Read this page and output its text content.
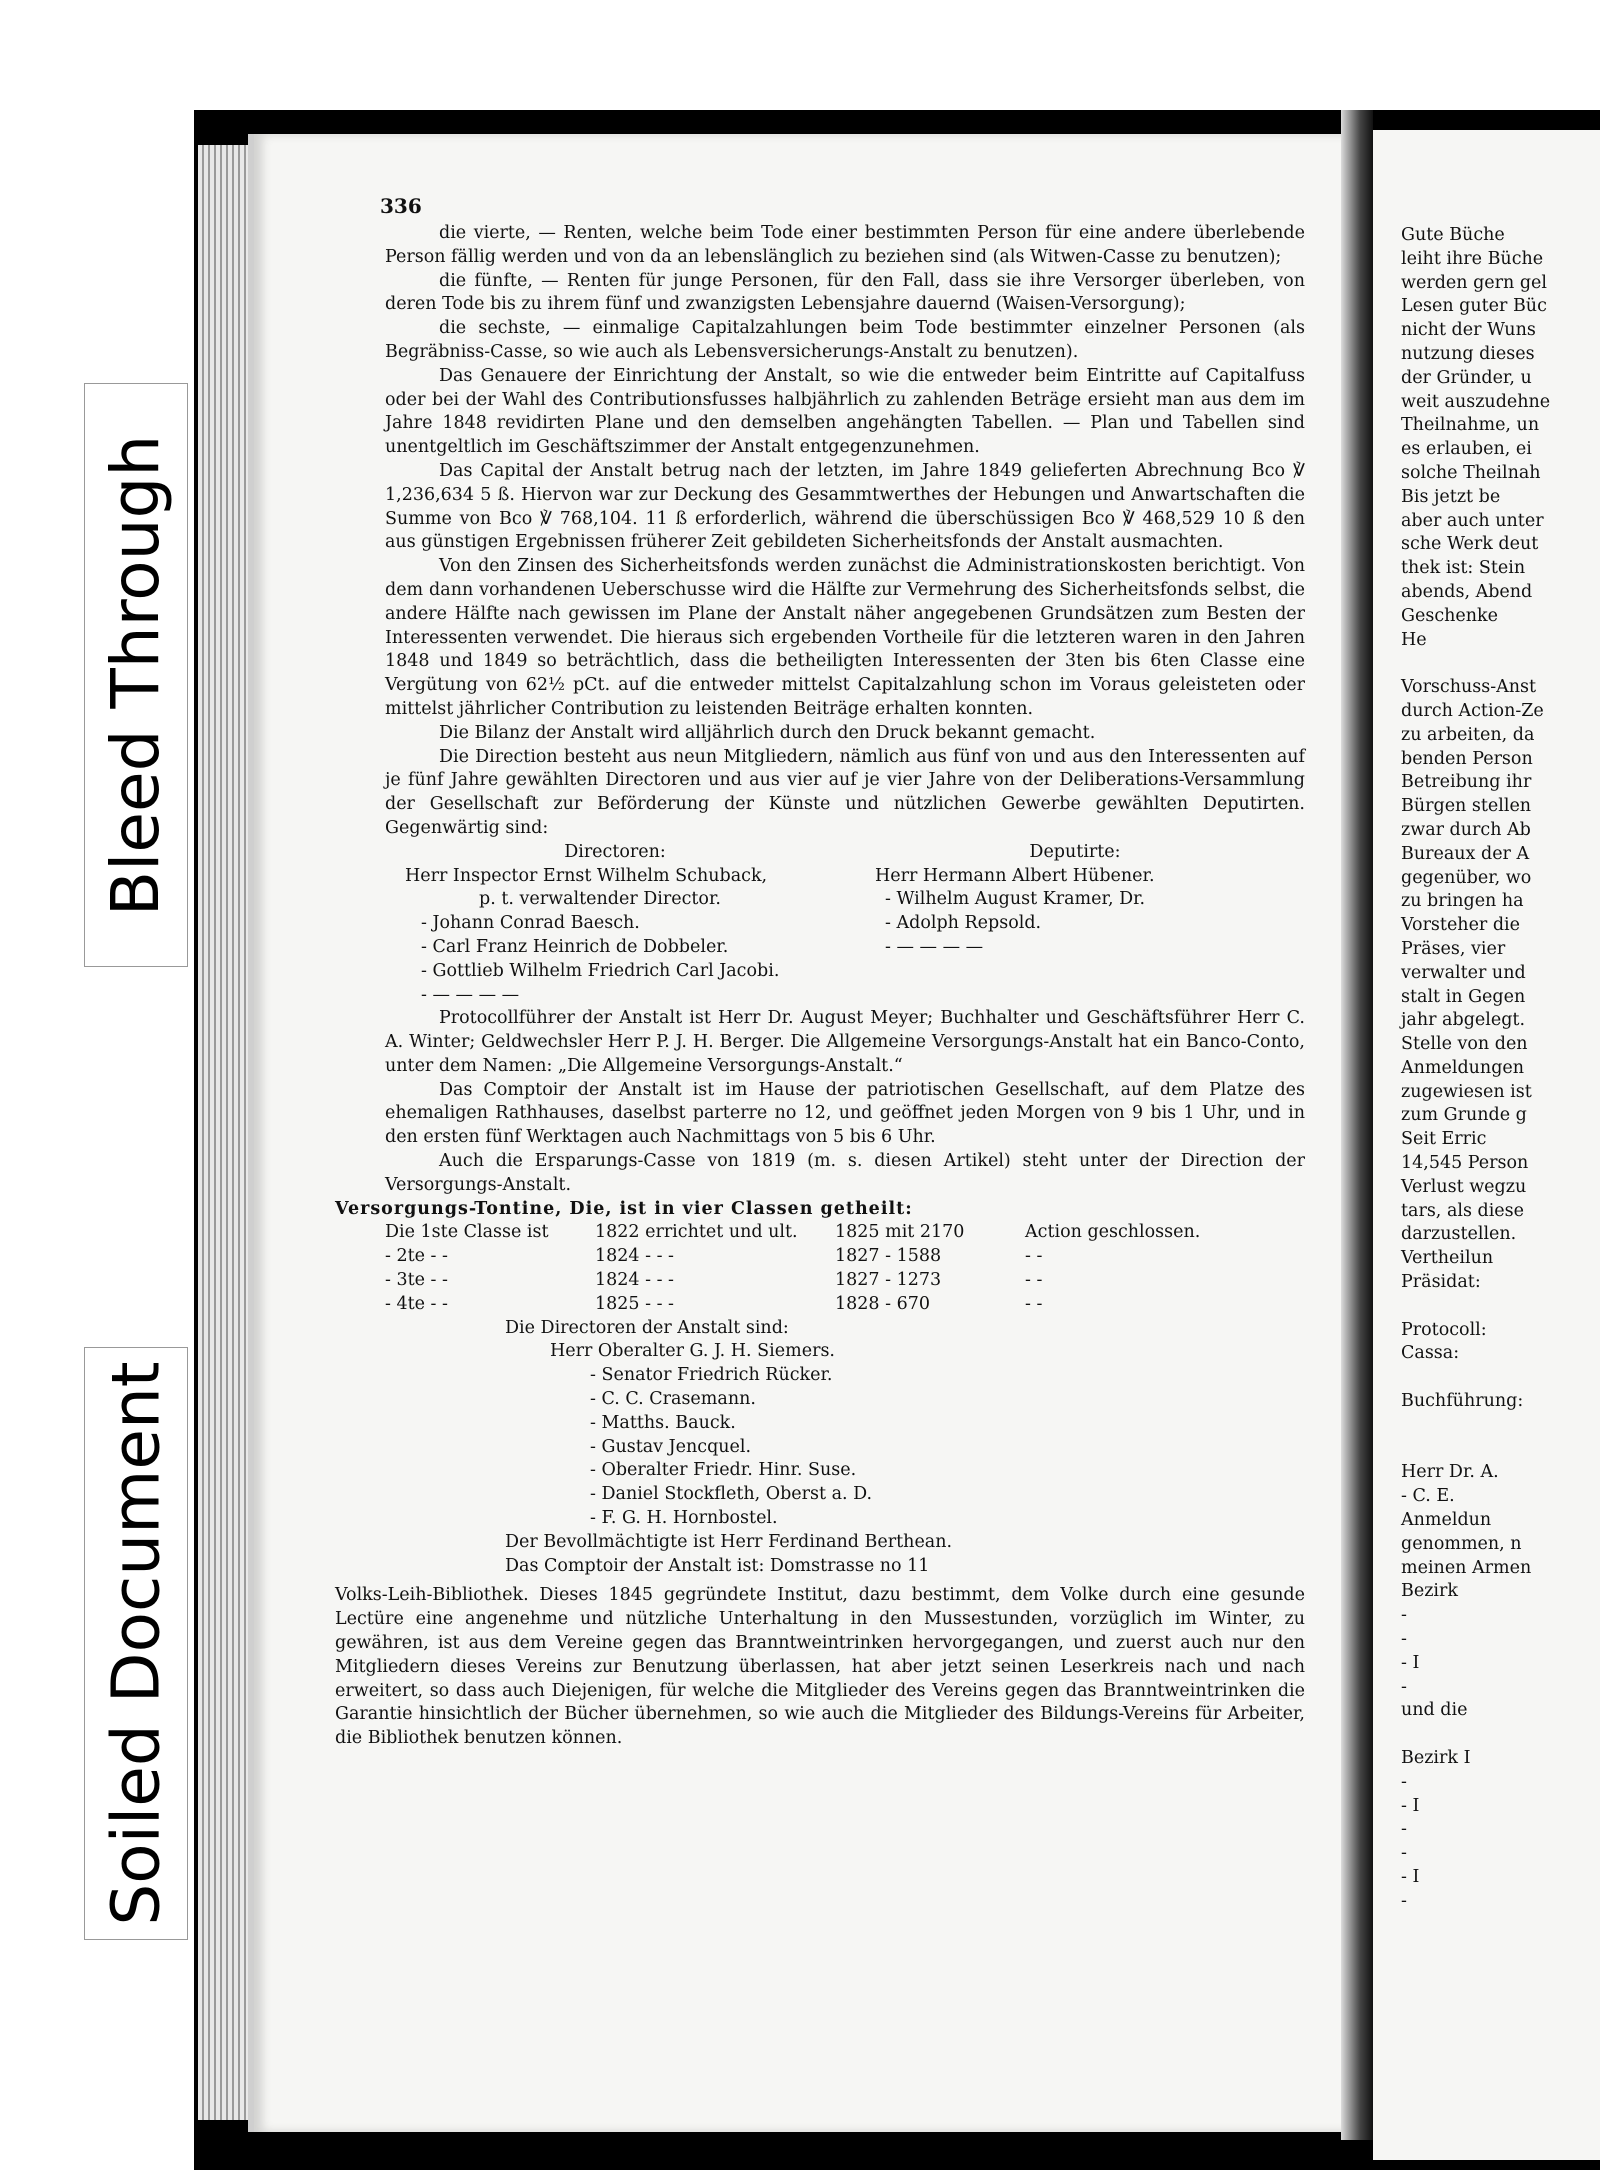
Bleed Through
Soiled Document
336

die vierte, — Renten, welche beim Tode einer bestimmten Person für eine andere überlebende Person fällig werden und von da an lebenslänglich zu beziehen sind (als Witwen-Casse zu benutzen);

die fünfte, — Renten für junge Personen, für den Fall, dass sie ihre Versorger überleben, von deren Tode bis zu ihrem fünf und zwanzigsten Lebensjahre dauernd (Waisen-Versorgung);

die sechste, — einmalige Capitalzahlungen beim Tode bestimmter einzelner Personen (als Begräbniss-Casse, so wie auch als Lebensversicherungs-Anstalt zu benutzen).

Das Genauere der Einrichtung der Anstalt, so wie die entweder beim Eintritte auf Capitalfuss oder bei der Wahl des Contributionsfusses halbjährlich zu zahlenden Beträge ersieht man aus dem im Jahre 1848 revidirten Plane und den demselben angehängten Tabellen. — Plan und Tabellen sind unentgeltlich im Geschäftszimmer der Anstalt entgegenzunehmen.

Das Capital der Anstalt betrug nach der letzten, im Jahre 1849 gelieferten Abrechnung Bco ℣ 1,236,634 5 ß. Hiervon war zur Deckung des Gesammtwerthes der Hebungen und Anwartschaften die Summe von Bco ℣ 768,104. 11 ß erforderlich, während die überschüssigen Bco ℣ 468,529 10 ß den aus günstigen Ergebnissen früherer Zeit gebildeten Sicherheitsfonds der Anstalt ausmachten.

Von den Zinsen des Sicherheitsfonds werden zunächst die Administrationskosten berichtigt. Von dem dann vorhandenen Ueberschusse wird die Hälfte zur Vermehrung des Sicherheitsfonds selbst, die andere Hälfte nach gewissen im Plane der Anstalt näher angegebenen Grundsätzen zum Besten der Interessenten verwendet. Die hieraus sich ergebenden Vortheile für die letzteren waren in den Jahren 1848 und 1849 so beträchtlich, dass die betheiligten Interessenten der 3ten bis 6ten Classe eine Vergütung von 62½ pCt. auf die entweder mittelst Capitalzahlung schon im Voraus geleisteten oder mittelst jährlicher Contribution zu leistenden Beiträge erhalten konnten.

Die Bilanz der Anstalt wird alljährlich durch den Druck bekannt gemacht.

Die Direction besteht aus neun Mitgliedern, nämlich aus fünf von und aus den Interessenten auf je fünf Jahre gewählten Directoren und aus vier auf je vier Jahre von der Deliberations-Versammlung der Gesellschaft zur Beförderung der Künste und nützlichen Gewerbe gewählten Deputirten. Gegenwärtig sind:

Directoren:	Deputirte:
Herr Inspector Ernst Wilhelm Schuback,	Herr Hermann Albert Hübener.
p. t. verwaltender Director.	- Wilhelm August Kramer, Dr.
- Johann Conrad Baesch.	- Adolph Repsold.
- Carl Franz Heinrich de Dobbeler.	- — — — —
- Gottlieb Wilhelm Friedrich Carl Jacobi.	
- — — — —	

Protocollführer der Anstalt ist Herr Dr. August Meyer; Buchhalter und Geschäftsführer Herr C. A. Winter; Geldwechsler Herr P. J. H. Berger. Die Allgemeine Versorgungs-Anstalt hat ein Banco-Conto, unter dem Namen: „Die Allgemeine Versorgungs-Anstalt.“

Das Comptoir der Anstalt ist im Hause der patriotischen Gesellschaft, auf dem Platze des ehemaligen Rathhauses, daselbst parterre no 12, und geöffnet jeden Morgen von 9 bis 1 Uhr, und in den ersten fünf Werktagen auch Nachmittags von 5 bis 6 Uhr.

Auch die Ersparungs-Casse von 1819 (m. s. diesen Artikel) steht unter der Direction der Versorgungs-Anstalt.

Versorgungs-Tontine, Die, ist in vier Classen getheilt:

Die 1ste Classe ist	1822 errichtet und ult.	1825 mit 2170	Action geschlossen.
- 2te - -	1824 - - -	1827 - 1588	- -
- 3te - -	1824 - - -	1827 - 1273	- -
- 4te - -	1825 - - -	1828 - 670	- -

Die Directoren der Anstalt sind:

Herr Oberalter G. J. H. Siemers.
- Senator Friedrich Rücker.
- C. C. Crasemann.
- Matths. Bauck.
- Gustav Jencquel.
- Oberalter Friedr. Hinr. Suse.
- Daniel Stockfleth, Oberst a. D.
- F. G. H. Hornbostel.

Der Bevollmächtigte ist Herr Ferdinand Berthean.

Das Comptoir der Anstalt ist: Domstrasse no 11

Volks-Leih-Bibliothek. Dieses 1845 gegründete Institut, dazu bestimmt, dem Volke durch eine gesunde Lectüre eine angenehme und nützliche Unterhaltung in den Mussestunden, vorzüglich im Winter, zu gewähren, ist aus dem Vereine gegen das Branntweintrinken hervorgegangen, und zuerst auch nur den Mitgliedern dieses Vereins zur Benutzung überlassen, hat aber jetzt seinen Leserkreis nach und nach erweitert, so dass auch Diejenigen, für welche die Mitglieder des Vereins gegen das Branntweintrinken die Garantie hinsichtlich der Bücher übernehmen, so wie auch die Mitglieder des Bildungs-Vereins für Arbeiter, die Bibliothek benutzen können.

Gute Büche
leiht ihre Büche
werden gern gel
Lesen guter Büc
nicht der Wuns
nutzung dieses
der Gründer, u
weit auszudehne
Theilnahme, un
es erlauben, ei
solche Theilnah
Bis jetzt be
aber auch unter
sche Werk deut
thek ist: Stein
abends, Abend
Geschenke
He
Vorschuss-Anst
durch Action-Ze
zu arbeiten, da
benden Person
Betreibung ihr
Bürgen stellen
zwar durch Ab
Bureaux der A
gegenüber, wo
zu bringen ha
Vorsteher die
Präses, vier
verwalter und
stalt in Gegen
jahr abgelegt.
Stelle von den
Anmeldungen
zugewiesen ist
zum Grunde g
Seit Erric
14,545 Person
Verlust wegzu
tars, als diese
darzustellen.
Vertheilun
Präsidat:
Protocoll:
Cassa:
Buchführung:
Herr Dr. A.
- C. E.
Anmeldun
genommen, n
meinen Armen
Bezirk
-
-
- I
-
und die
Bezirk I
-
- I
-
-
- I
-
